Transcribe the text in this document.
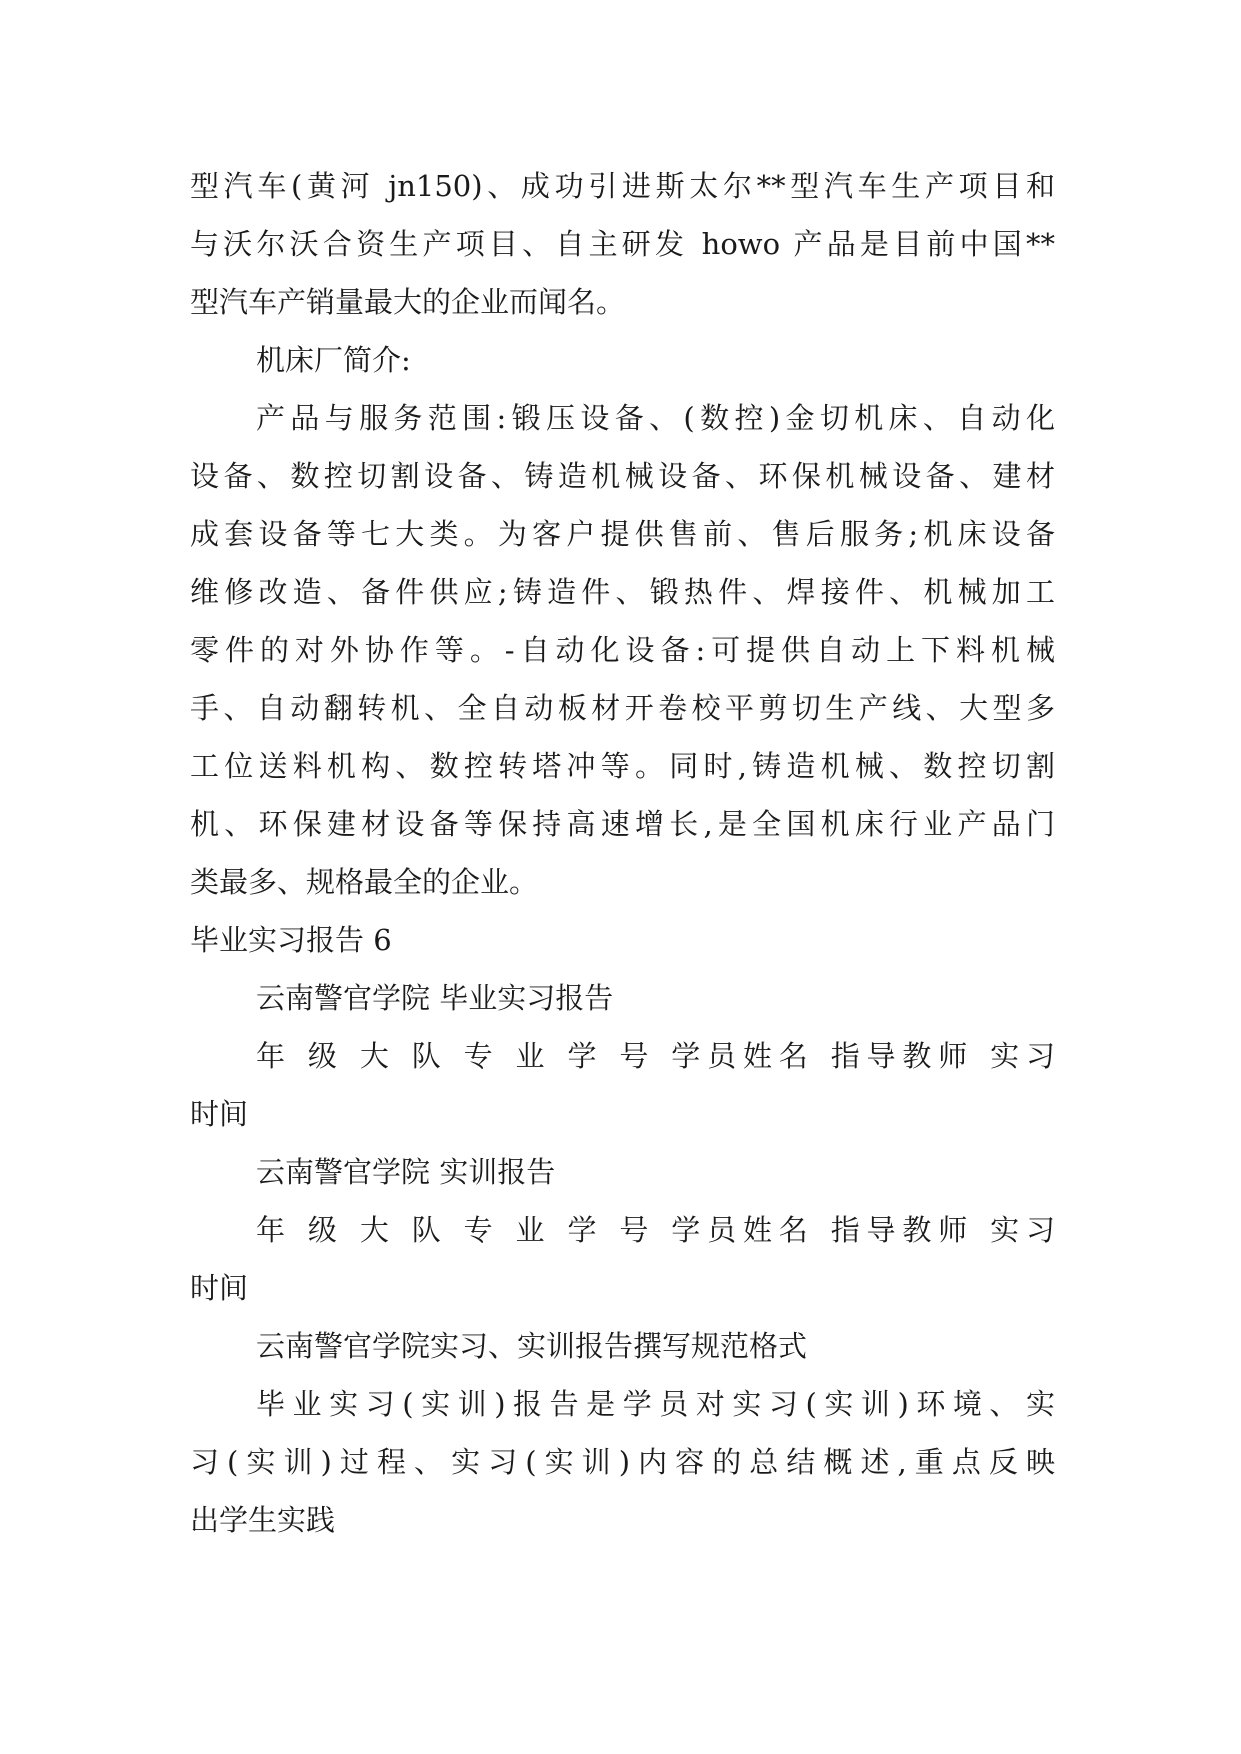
型汽车(黄河 jn150)、成功引进斯太尔**型汽车生产项目和
与沃尔沃合资生产项目、自主研发 howo 产品是目前中国**
型汽车产销量最大的企业而闻名。
机床厂简介:
产品与服务范围:锻压设备、(数控)金切机床、自动化
设备、数控切割设备、铸造机械设备、环保机械设备、建材
成套设备等七大类。为客户提供售前、售后服务;机床设备
维修改造、备件供应;铸造件、锻热件、焊接件、机械加工
零件的对外协作等。-自动化设备:可提供自动上下料机械
手、自动翻转机、全自动板材开卷校平剪切生产线、大型多
工位送料机构、数控转塔冲等。同时,铸造机械、数控切割
机、环保建材设备等保持高速增长,是全国机床行业产品门
类最多、规格最全的企业。
毕业实习报告 6
云南警官学院 毕业实习报告
年 级 大 队 专 业 学 号 学员姓名 指导教师 实习
时间
云南警官学院 实训报告
年 级 大 队 专 业 学 号 学员姓名 指导教师 实习
时间
云南警官学院实习、实训报告撰写规范格式
毕业实习(实训)报告是学员对实习(实训)环境、实
习(实训)过程、实习(实训)内容的总结概述,重点反映
出学生实践
